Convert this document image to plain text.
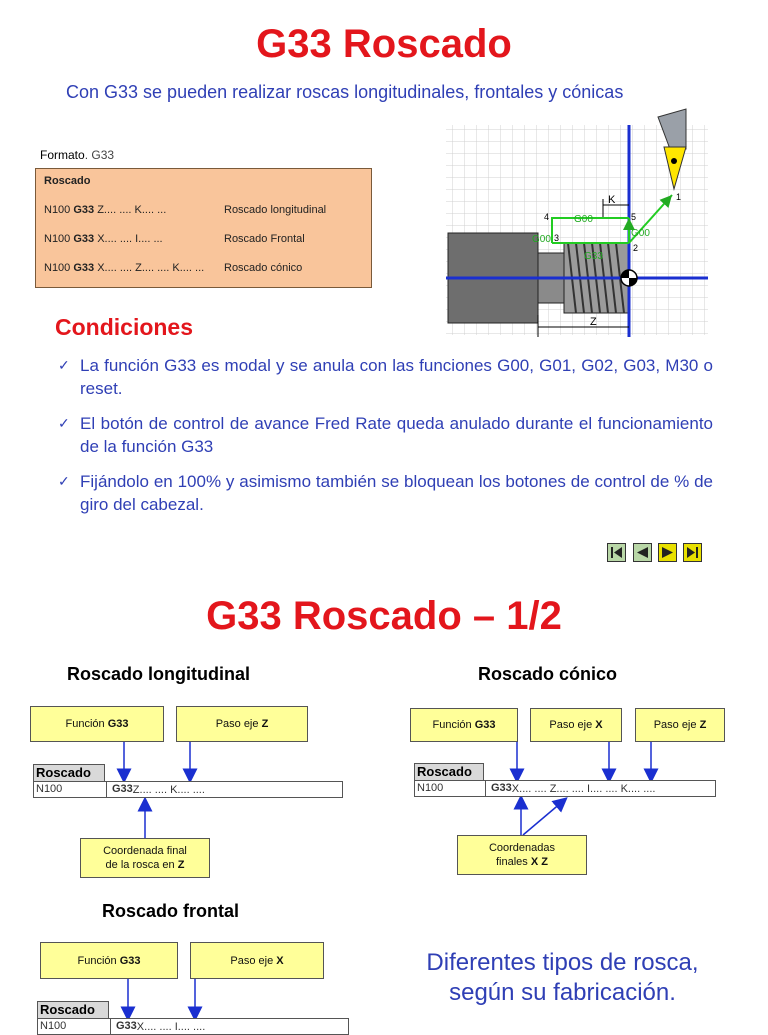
G33 Roscado
Con G33 se pueden realizar roscas longitudinales, frontales y cónicas
Formato. G33
Roscado
N100 G33 Z.... .... K.... ...	Roscado longitudinal
N100 G33 X.... .... I.... ...	Roscado Frontal
N100 G33 X.... .... Z.... .... K.... ... Roscado cónico
Z
K
G00
G00
G00
G33
1
2
3
4	5
Condiciones
✓ La función G33 es modal y se anula con las funciones G00, G01, G02, G03, M30 o reset.
✓ El botón de control de avance Fred Rate queda anulado durante el funcionamiento de la función G33
✓ Fijándolo en 100% y asimismo también se bloquean los botones de control de % de giro del cabezal.
G33 Roscado – 1/2
Roscado longitudinal
Función G33	Paso eje Z
Roscado
N100	G33 Z.... .... K.... ....
Coordenada final
de la rosca en Z
Roscado cónico
Función G33	Paso eje X	Paso eje Z
Roscado
N100	G33 X.... .... Z.... .... I.... .... K.... ....
Coordenadas
finales X Z
Roscado frontal
Función G33	Paso eje X
Roscado
N100	G33 X.... .... I.... ....
Diferentes tipos de rosca, según su fabricación.
